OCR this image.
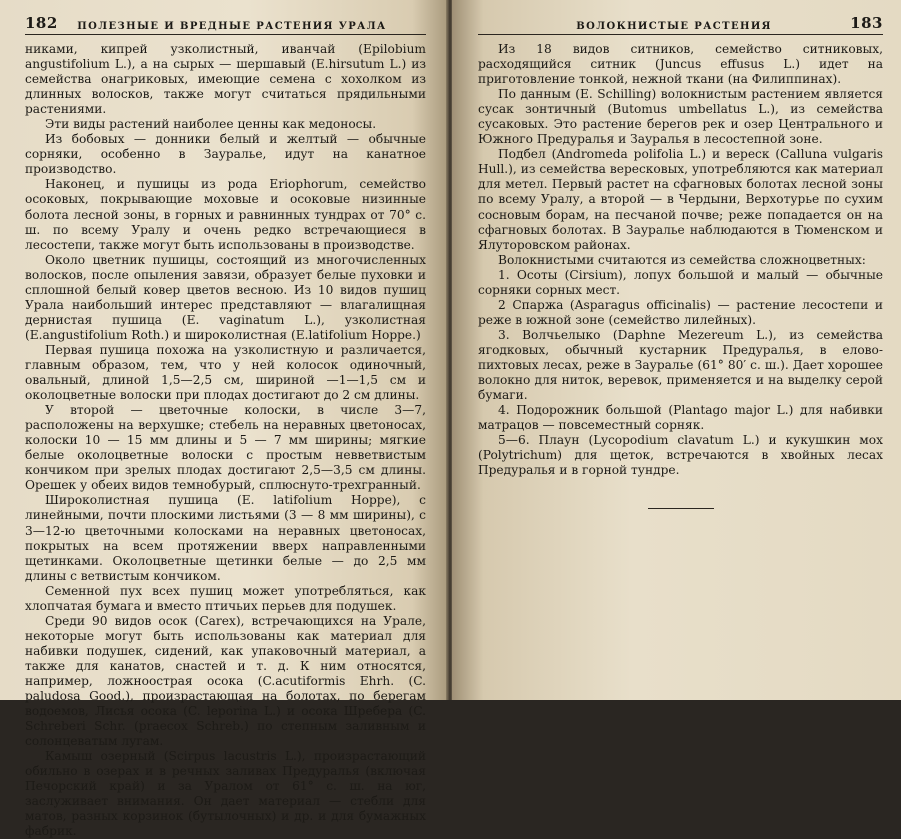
182 ПОЛЕЗНЫЕ И ВРЕДНЫЕ РАСТЕНИЯ УРАЛА

никами, кипрей узколистный, иванчай (Epilobium angustifolium L.), а на сырых — шершавый (E.hirsutum L.) из семейства онагриковых, имеющие семена с хохолком из длинных волосков, также могут считаться прядильными растениями.

Эти виды растений наиболее ценны как медоносы.

Из бобовых — донники белый и желтый — обычные сорняки, особенно в Зауралье, идут на канатное производство.

Наконец, и пушицы из рода Eriophorum, семейство осоковых, покрывающие моховые и осоковые низинные болота лесной зоны, в горных и равнинных тундрах от 70° с. ш. по всему Уралу и очень редко встречающиеся в лесостепи, также могут быть использованы в производстве.

Около цветник пушицы, состоящий из многочисленных волосков, после опыления завязи, образует белые пуховки и сплошной белый ковер цветов весною. Из 10 видов пушиц Урала наибольший интерес представляют — влагалищная дернистая пушица (E. vaginatum L.), узколистная (E.angustifolium Roth.) и широколистная (E.latifolium Hoppe.)

Первая пушица похожа на узколистную и различается, главным образом, тем, что у ней колосок одиночный, овальный, длиной 1,5—2,5 см, шириной —1—1,5 см и околоцветные волоски при плодах достигают до 2 см длины.

У второй — цветочные колоски, в числе 3—7, расположены на верхушке; стебель на неравных цветоносах, колоски 10 — 15 мм длины и 5 — 7 мм ширины; мягкие белые околоцветные волоски с простым невветвистым кончиком при зрелых плодах достигают 2,5—3,5 см длины. Орешек у обеих видов темнобурый, сплюснуто-трехгранный.

Широколистная пушица (E. latifolium Hoppe), с линейными, почти плоскими листьями (3 — 8 мм ширины), с 3—12-ю цветочными колосками на неравных цветоносах, покрытых на всем протяжении вверх направленными щетинками. Околоцветные щетинки белые — до 2,5 мм длины с ветвистым кончиком.

Семенной пух всех пушиц может употребляться, как хлопчатая бумага и вместо птичьих перьев для подушек.

Среди 90 видов осок (Carex), встречающихся на Урале, некоторые могут быть использованы как материал для набивки подушек, сидений, как упаковочный материал, а также для канатов, снастей и т. д. К ним относятся, например, ложноострая осока (C.acutiformis Ehrh. (C. paludosa Good.), произрастающая на болотах, по берегам водоемов, Лисья осока (C. leporina L.) и осока Шребера (C. Schreberi Schr. (praecox Schreb.) по степным заливным и солонцеватым лугам.

Камыш озерный (Scirpus lacustris L.), произрастающий обильно в озерах и в речных заливах Предуралья (включая Печорский край) и за Уралом от 61° с. ш. на юг, заслуживает внимания. Он дает материал — стебли для матов, разных корзинок (бутылочных) и др. и для бумажных фабрик.

ВОЛОКНИСТЫЕ РАСТЕНИЯ	183

Из 18 видов ситников, семейство ситниковых, расходящийся ситник (Juncus effusus L.) идет на приготовление тонкой, нежной ткани (на Филиппинах).

По данным (E. Schilling) волокнистым растением является сусак зонтичный (Butomus umbellatus L.), из семейства сусаковых. Это растение берегов рек и озер Центрального и Южного Предуралья и Зауралья в лесостепной зоне.

Подбел (Andromeda polifolia L.) и вереск (Calluna vulgaris Hull.), из семейства вересковых, употребляются как материал для метел. Первый растет на сфагновых болотах лесной зоны по всему Уралу, а второй — в Чердыни, Верхотурье по сухим сосновым борам, на песчаной почве; реже попадается он на сфагновых болотах. В Зауралье наблюдаются в Тюменском и Ялуторовском районах.

Волокнистыми считаются из семейства сложноцветных:

1. Осоты (Cirsium), лопух большой и малый — обычные сорняки сорных мест.

2 Спаржа (Asparagus officinalis) — растение лесостепи и реже в южной зоне (семейство лилейных).

3. Волчьелыко (Daphne Mezereum L.), из семейства ягодковых, обычный кустарник Предуралья, в елово-пихтовых лесах, реже в Зауралье (61° 80′ с. ш.). Дает хорошее волокно для ниток, веревок, применяется и на выделку серой бумаги.

4. Подорожник большой (Plantago major L.) для набивки матрацов — повсеместный сорняк.

5—6. Плаун (Lycopodium clavatum L.) и кукушкин мох (Polytrichum) для щеток, встречаются в хвойных лесах Предуралья и в горной тундре.
